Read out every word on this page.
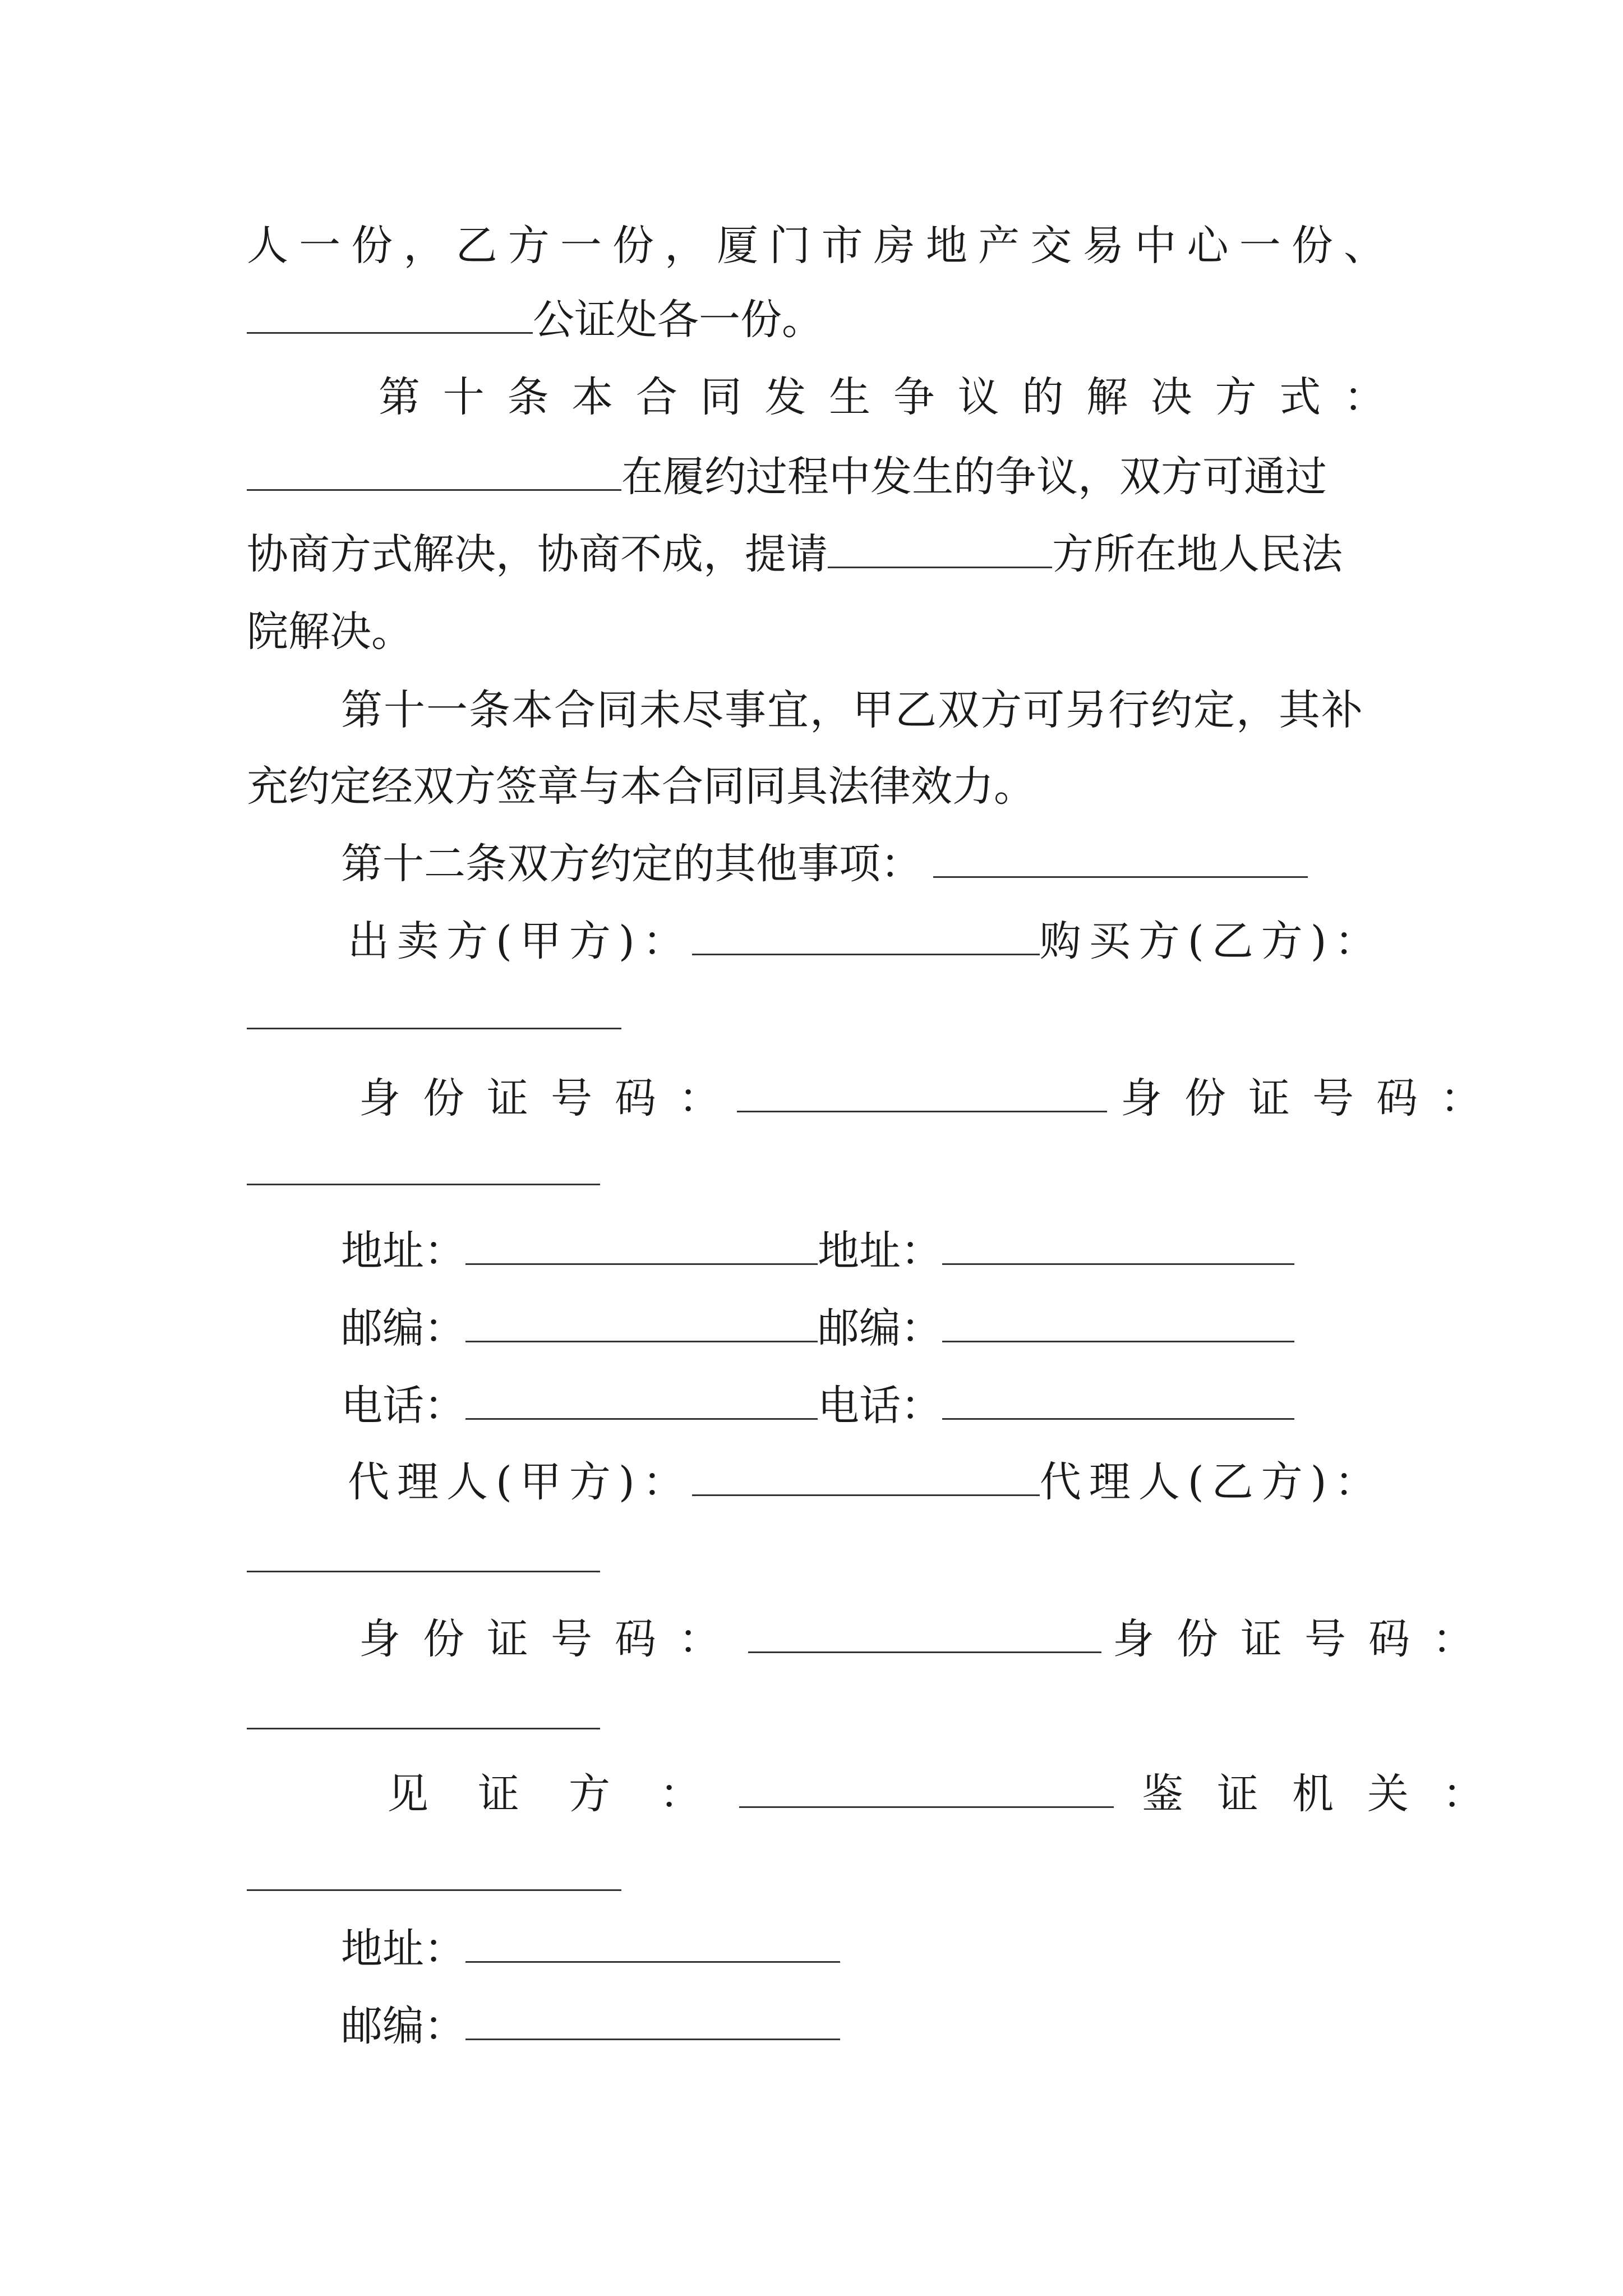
人一份，乙方一份，厦门市房地产交易中心一份、
公证处各一份。
第十条本合同发生争议的解决方式：
在履约过程中发生的争议，双方可通过
协商方式解决，协商不成，提请	方所在地人民法
院解决。
第十一条本合同未尽事宜，甲乙双方可另行约定，其补
充约定经双方签章与本合同同具法律效力。
第十二条双方约定的其他事项：
出卖方(甲方)：	购买方(乙方)：
身份证号码：	身份证号码：
地址：	地址：
邮编：	邮编：
电话：	电话：
代理人(甲方)：	代理人(乙方)：
身份证号码：	身份证号码：
见证方：	鉴证机关：
地址：
邮编：
